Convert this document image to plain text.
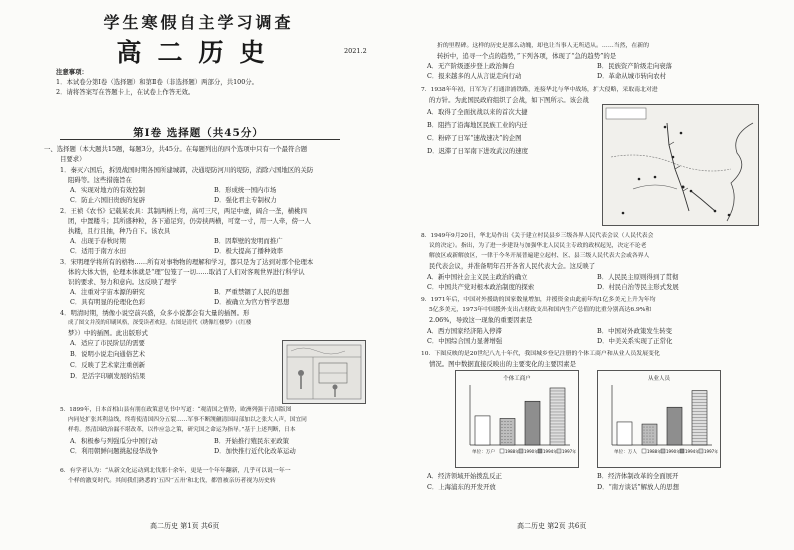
学生寒假自主学习调查
高二历史	2021.2
注意事项：
1．本试卷分第Ⅰ卷（选择题）和第Ⅱ卷（非选择题）两部分，共100分。
2．请将答案写在答题卡上，在试卷上作答无效。
第Ⅰ卷 选择题（共45分）
一、选择题（本大题共15题，每题3分，共45分。在每题列出的四个选项中只有一个最符合题
目要求）
1．秦灭六国后，拆毁战国时期各国所建城郭，决通堤防河川的堤防，消除六国地区的关防
阻碍等。这些措施旨在
A．实现对地方的有效控制	B．形成统一国内市场
C．防止六国旧贵族的复辟	D．强化君主专制权力
2．王祯《农书》记载某农具：其制两柄上弯，高可三尺，两足中虚，阔合一垄，横桃四
团，中置耧斗；其所盛种粒，各下通足窍，仍旁挟两横，可宽一寸，用一人牵，傍一人
执耧，且行且抽，种乃自下。该农具
A．出现于春秋时期	B．因犁壁的发明而推广
C．适用于南方水田	D．极大提高了播种效率
3．宋明理学将所有的格物……所有对事物物的理解和学习，都只是为了达到对那个伦理本
体的大体大悟，伦理本体就是“理”包笼了一切……取消了人们对客观世界进行科学认
识的要求、努力和意向。这反映了理学
A．注重对宇宙本源的研究	B．严重禁锢了人民的思想
C．具有明显的伦理化色彩	D．被确立为官方哲学思想
4．明清时期，绣像小说空前兴盛，众多小说都会有大量的插图。形
成了图文并茂的印刷风格，深受读者欢迎。右图是清代《绣像红楼梦》（《红楼
梦》）中的插图。此出版形式
A．适应了市民阶层的需要
B．说明小说走向通俗艺术
C．反映了艺术家注重创新
D．是活字印刷发展的结果
5．1899年，日本首相山县有朋在政策意见书中写道：“观清国之情势，欧洲列强于清国版图
内同处扩张其利益线，终将使清国四分五裂……军事不断觊觎清国局部加以之张大人声，国宜同
样将。然清国政治漏不堪改革，以作应急之策，研究国之命运为指导。”基于上述判断，日本
A．积极参与列强瓜分中国行动	B．开始推行殖民东亚政策
C．利用朝鲜问题挑起侵华战争	D．加快推行近代化改革运动
6．有学者认为：“从新文化运动到北伐那十余年，更是一个年年翻新，几乎可以说一年一
个样的激变时代。其间我们熟悉的‘五四’‘五卅’和北伐，都曾被亲历者视为历史转
高二历史 第1页 共6页
折的里程碑。这样的历史是那么动魄，却也让当事人无所适从。……当然，在新的
转折中，追寻一个点的趋势，”下列各项，体现了“急的趋势”的是
A．无产阶级逐步登上政治舞台	B．民族资产阶级走向衰落
C．报来越多的人从言说走向行动	D．革命从城市转向农村
7．1938年年初，日军为了打通津浦铁路，连接华北与华中战场，扩大侵略，采取南北对进
的方针。为此国民政府组织了会战，如下图所示。该会战
A．取得了全面抗战以来的首次大捷
B．阻挡了沿海地区民族工业的内迁
C．粉碎了日军“速战速决”的企图
D．迟滞了日军南下进攻武汉的速度
8．1949年9月20日，华北局作出《关于建立村民县乡三级各界人民代表会议（人民代表会
议的决定）。指出，为了进一步建设与加强华北人民民主专政的政权起见，决定不论老
解放区或新解放区，一律于今冬开展普遍建立起村、区、县三级人民代表大会或各界人
民代表会议，并准备明年召开各省人民代表大会。这反映了
A．新中国社会主义民主政治的确立	B．人民民主原则得到了贯彻
C．中国共产党对根本政治制度的探索	D．村民自治等民主形式发展
9．1971年后，中国对外援助的国家数量增加，并援资金由此前年均1亿多美元上升为年均
5亿多美元，1973年中国援外支出占财政支出和国内生产总值的比重分别高达6.9%和
2.06%，导致这一现象的重要因素是
A．西方国家经济陷入停滞	B．中国对外政策发生转变
C．中国综合国力显著增强	D．中美关系实现了正常化
10．下图反映的是20世纪八九十年代，我国城乡登记注册的个体工商户和从业人员发展变化
情况。图中数据直接反映出的主要变化的主要因素是
个体工商户
单位：万户	1988年 1990年 1994年 1997年
从业人员
单位：万人	1988年 1990年 1994年 1997年
A．经济领域开始拨乱反正	B．经济体制改革的全面展开
C．上海浦东的开发开放	D．“南方谈话”解放人的思想
高二历史 第2页 共6页
